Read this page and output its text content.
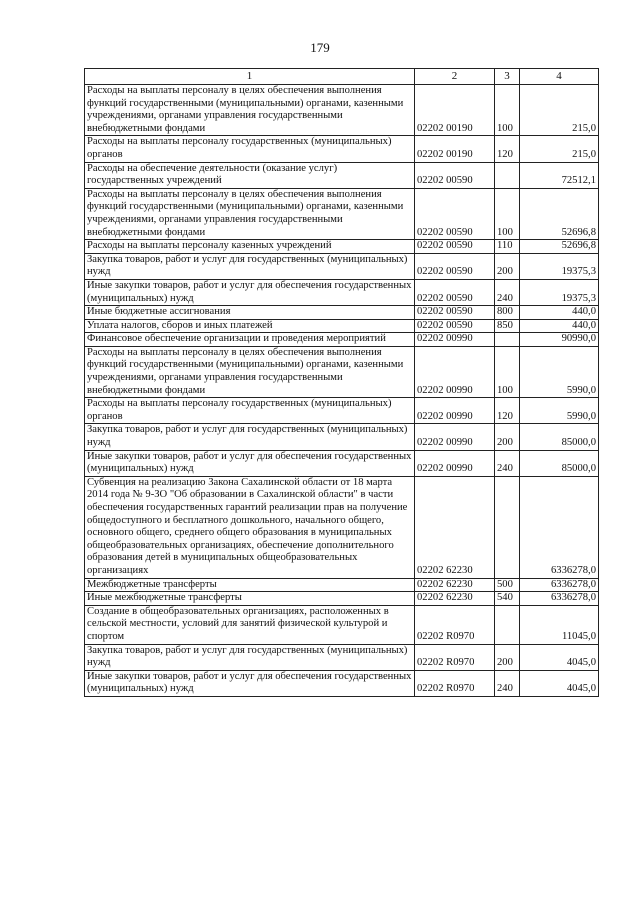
179
1	2	3	4
Расходы на выплаты персоналу в целях обеспечения выполнения функций государственными (муниципальными) органами, казенными учреждениями, органами управления государственными внебюджетными фондами	02202 00190	100	215,0
Расходы на выплаты персоналу государственных (муниципальных) органов	02202 00190	120	215,0
Расходы на обеспечение деятельности (оказание услуг) государственных учреждений	02202 00590		72512,1
Расходы на выплаты персоналу в целях обеспечения выполнения функций государственными (муниципальными) органами, казенными учреждениями, органами управления государственными внебюджетными фондами	02202 00590	100	52696,8
Расходы на выплаты персоналу казенных учреждений	02202 00590	110	52696,8
Закупка товаров, работ и услуг для государственных (муниципальных) нужд	02202 00590	200	19375,3
Иные закупки товаров, работ и услуг для обеспечения государственных (муниципальных) нужд	02202 00590	240	19375,3
Иные бюджетные ассигнования	02202 00590	800	440,0
Уплата налогов, сборов и иных платежей	02202 00590	850	440,0
Финансовое обеспечение организации и проведения мероприятий	02202 00990		90990,0
Расходы на выплаты персоналу в целях обеспечения выполнения функций государственными (муниципальными) органами, казенными учреждениями, органами управления государственными внебюджетными фондами	02202 00990	100	5990,0
Расходы на выплаты персоналу государственных (муниципальных) органов	02202 00990	120	5990,0
Закупка товаров, работ и услуг для государственных (муниципальных) нужд	02202 00990	200	85000,0
Иные закупки товаров, работ и услуг для обеспечения государственных (муниципальных) нужд	02202 00990	240	85000,0
Субвенция на реализацию Закона Сахалинской области от 18 марта 2014 года № 9-ЗО "Об образовании в Сахалинской области" в части обеспечения государственных гарантий реализации прав на получение общедоступного и бесплатного дошкольного, начального общего, основного общего, среднего общего образования в муниципальных общеобразовательных организациях, обеспечение дополнительного образования детей в муниципальных общеобразовательных организациях	02202 62230		6336278,0
Межбюджетные трансферты	02202 62230	500	6336278,0
Иные межбюджетные трансферты	02202 62230	540	6336278,0
Создание в общеобразовательных организациях, расположенных в сельской местности, условий для занятий физической культурой и спортом	02202 R0970		11045,0
Закупка товаров, работ и услуг для государственных (муниципальных) нужд	02202 R0970	200	4045,0
Иные закупки товаров, работ и услуг для обеспечения государственных (муниципальных) нужд	02202 R0970	240	4045,0
